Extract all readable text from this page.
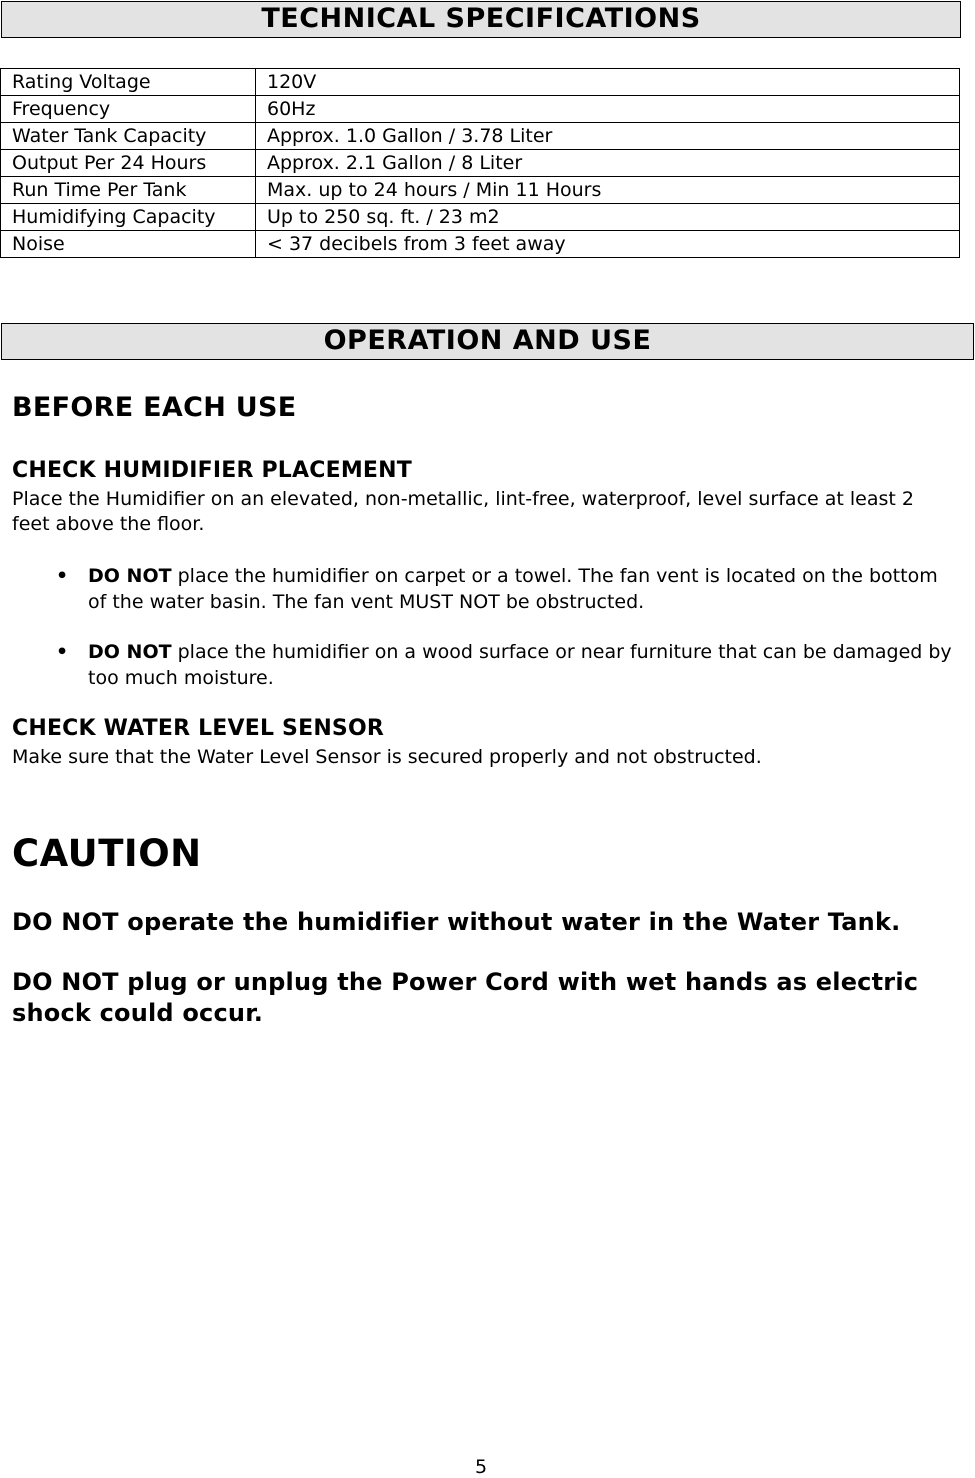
TECHNICAL SPECIFICATIONS
Rating Voltage	120V
Frequency	60Hz
Water Tank Capacity	Approx. 1.0 Gallon / 3.78 Liter
Output Per 24 Hours	Approx. 2.1 Gallon / 8 Liter
Run Time Per Tank	Max. up to 24 hours / Min 11 Hours
Humidifying Capacity	Up to 250 sq. ft. / 23 m2
Noise	< 37 decibels from 3 feet away
OPERATION AND USE
BEFORE EACH USE
CHECK HUMIDIFIER PLACEMENT
Place the Humidifier on an elevated, non-metallic, lint-free, waterproof, level surface at least 2 feet above the floor.
• DO NOT place the humidifier on carpet or a towel. The fan vent is located on the bottom of the water basin. The fan vent MUST NOT be obstructed.
• DO NOT place the humidifier on a wood surface or near furniture that can be damaged by too much moisture.
CHECK WATER LEVEL SENSOR
Make sure that the Water Level Sensor is secured properly and not obstructed.
CAUTION
DO NOT operate the humidifier without water in the Water Tank.
DO NOT plug or unplug the Power Cord with wet hands as electric shock could occur.
5
